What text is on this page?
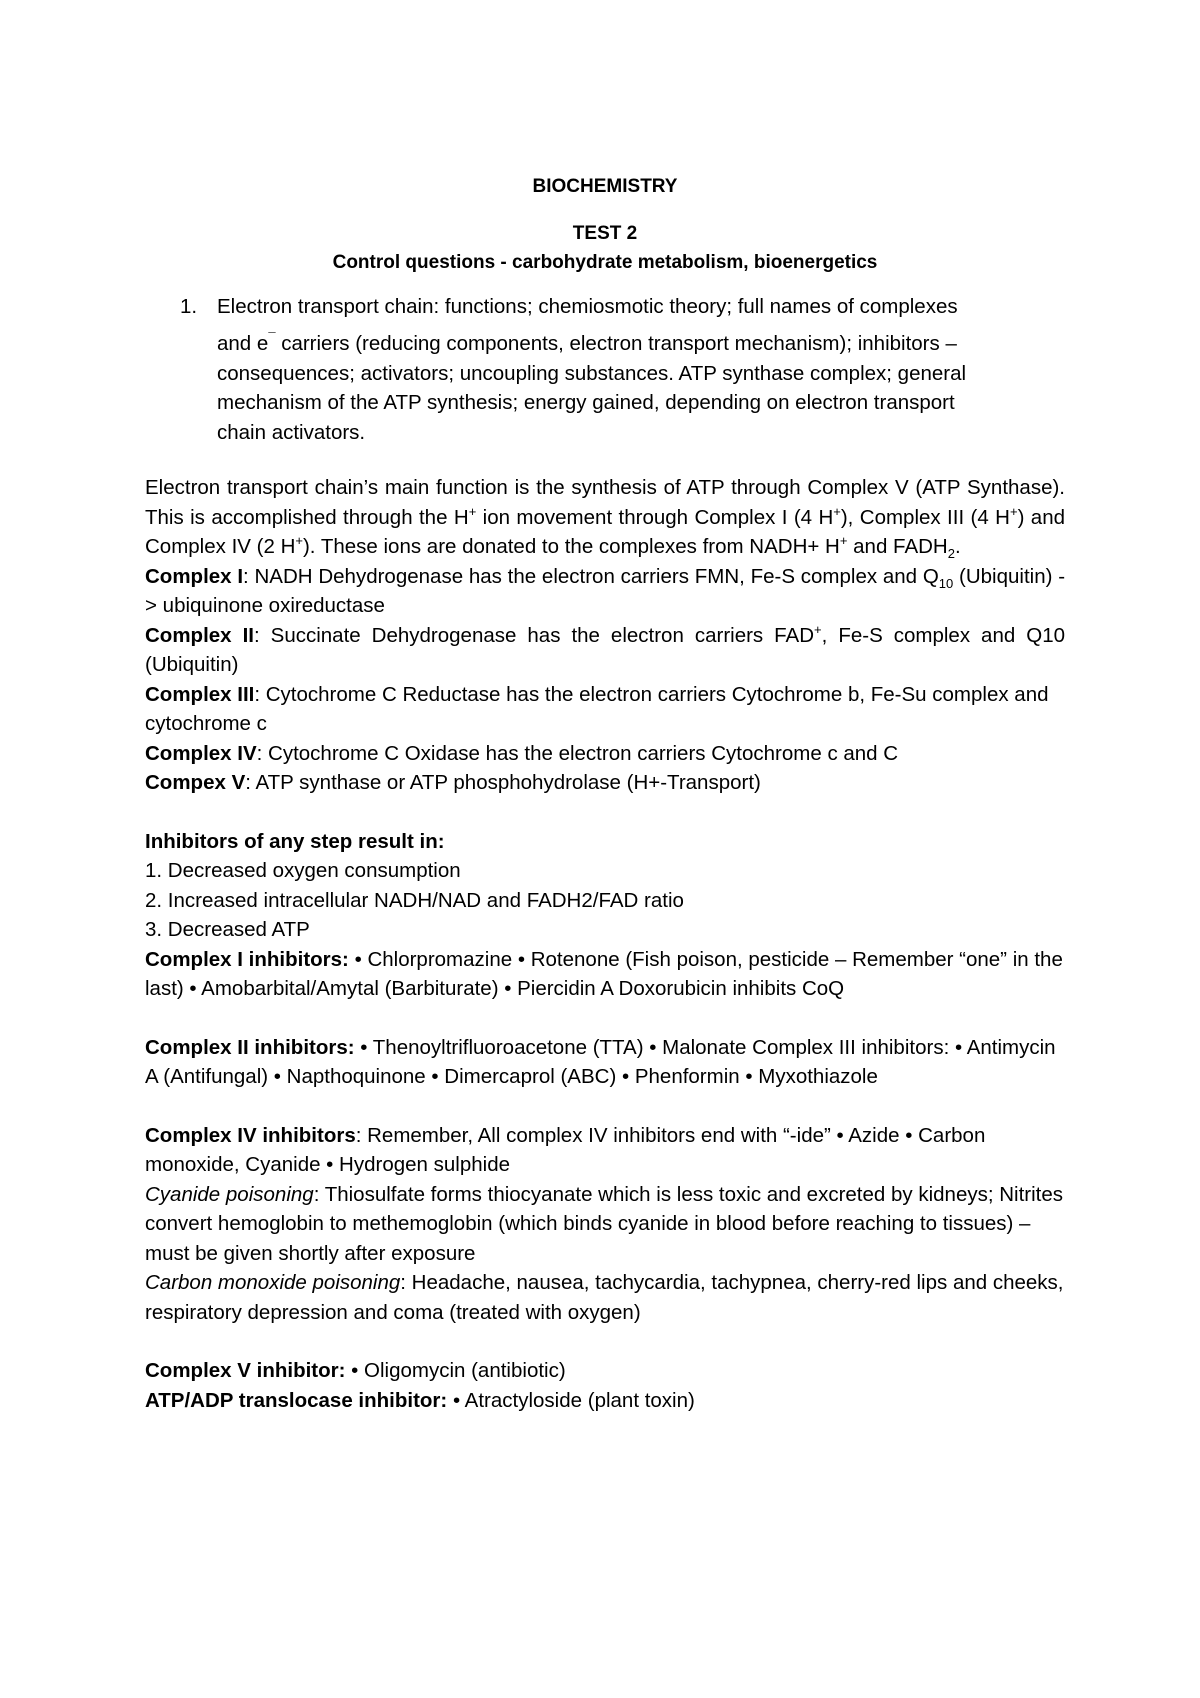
BIOCHEMISTRY

TEST 2

Control questions - carbohydrate metabolism, bioenergetics

1. Electron transport chain: functions; chemiosmotic theory; full names of complexes
and e¯ carriers (reducing components, electron transport mechanism); inhibitors –
consequences; activators; uncoupling substances. ATP synthase complex; general
mechanism of the ATP synthesis; energy gained, depending on electron transport
chain activators.

Electron transport chain’s main function is the synthesis of ATP through Complex V (ATP Synthase). This is accomplished through the H+ ion movement through Complex I (4 H+), Complex III (4 H+) and Complex IV (2 H+). These ions are donated to the complexes from NADH+ H+ and $FADH_2$.

Complex I: NADH Dehydrogenase has the electron carriers FMN, Fe-S complex and $Q_{10}$ (Ubiquitin) -> ubiquinone oxireductase

Complex II: Succinate Dehydrogenase has the electron carriers FAD+, Fe-S complex and Q10 (Ubiquitin)

Complex III: Cytochrome C Reductase has the electron carriers Cytochrome b, Fe-Su complex and cytochrome c

Complex IV: Cytochrome C Oxidase has the electron carriers Cytochrome c and C

Compex V: ATP synthase or ATP phosphohydrolase (H+-Transport)

Inhibitors of any step result in:

1. Decreased oxygen consumption

2. Increased intracellular NADH/NAD and FADH2/FAD ratio

3. Decreased ATP

Complex I inhibitors: • Chlorpromazine • Rotenone (Fish poison, pesticide – Remember “one” in the last) • Amobarbital/Amytal (Barbiturate) • Piercidin A Doxorubicin inhibits CoQ

Complex II inhibitors: • Thenoyltrifluoroacetone (TTA) • Malonate Complex III inhibitors: • Antimycin A (Antifungal) • Napthoquinone • Dimercaprol (ABC) • Phenformin • Myxothiazole

Complex IV inhibitors: Remember, All complex IV inhibitors end with “-ide” • Azide • Carbon monoxide, Cyanide • Hydrogen sulphide

Cyanide poisoning: Thiosulfate forms thiocyanate which is less toxic and excreted by kidneys; Nitrites convert hemoglobin to methemoglobin (which binds cyanide in blood before reaching to tissues) – must be given shortly after exposure

Carbon monoxide poisoning: Headache, nausea, tachycardia, tachypnea, cherry-red lips and cheeks, respiratory depression and coma (treated with oxygen)

Complex V inhibitor: • Oligomycin (antibiotic)

ATP/ADP translocase inhibitor: • Atractyloside (plant toxin)
